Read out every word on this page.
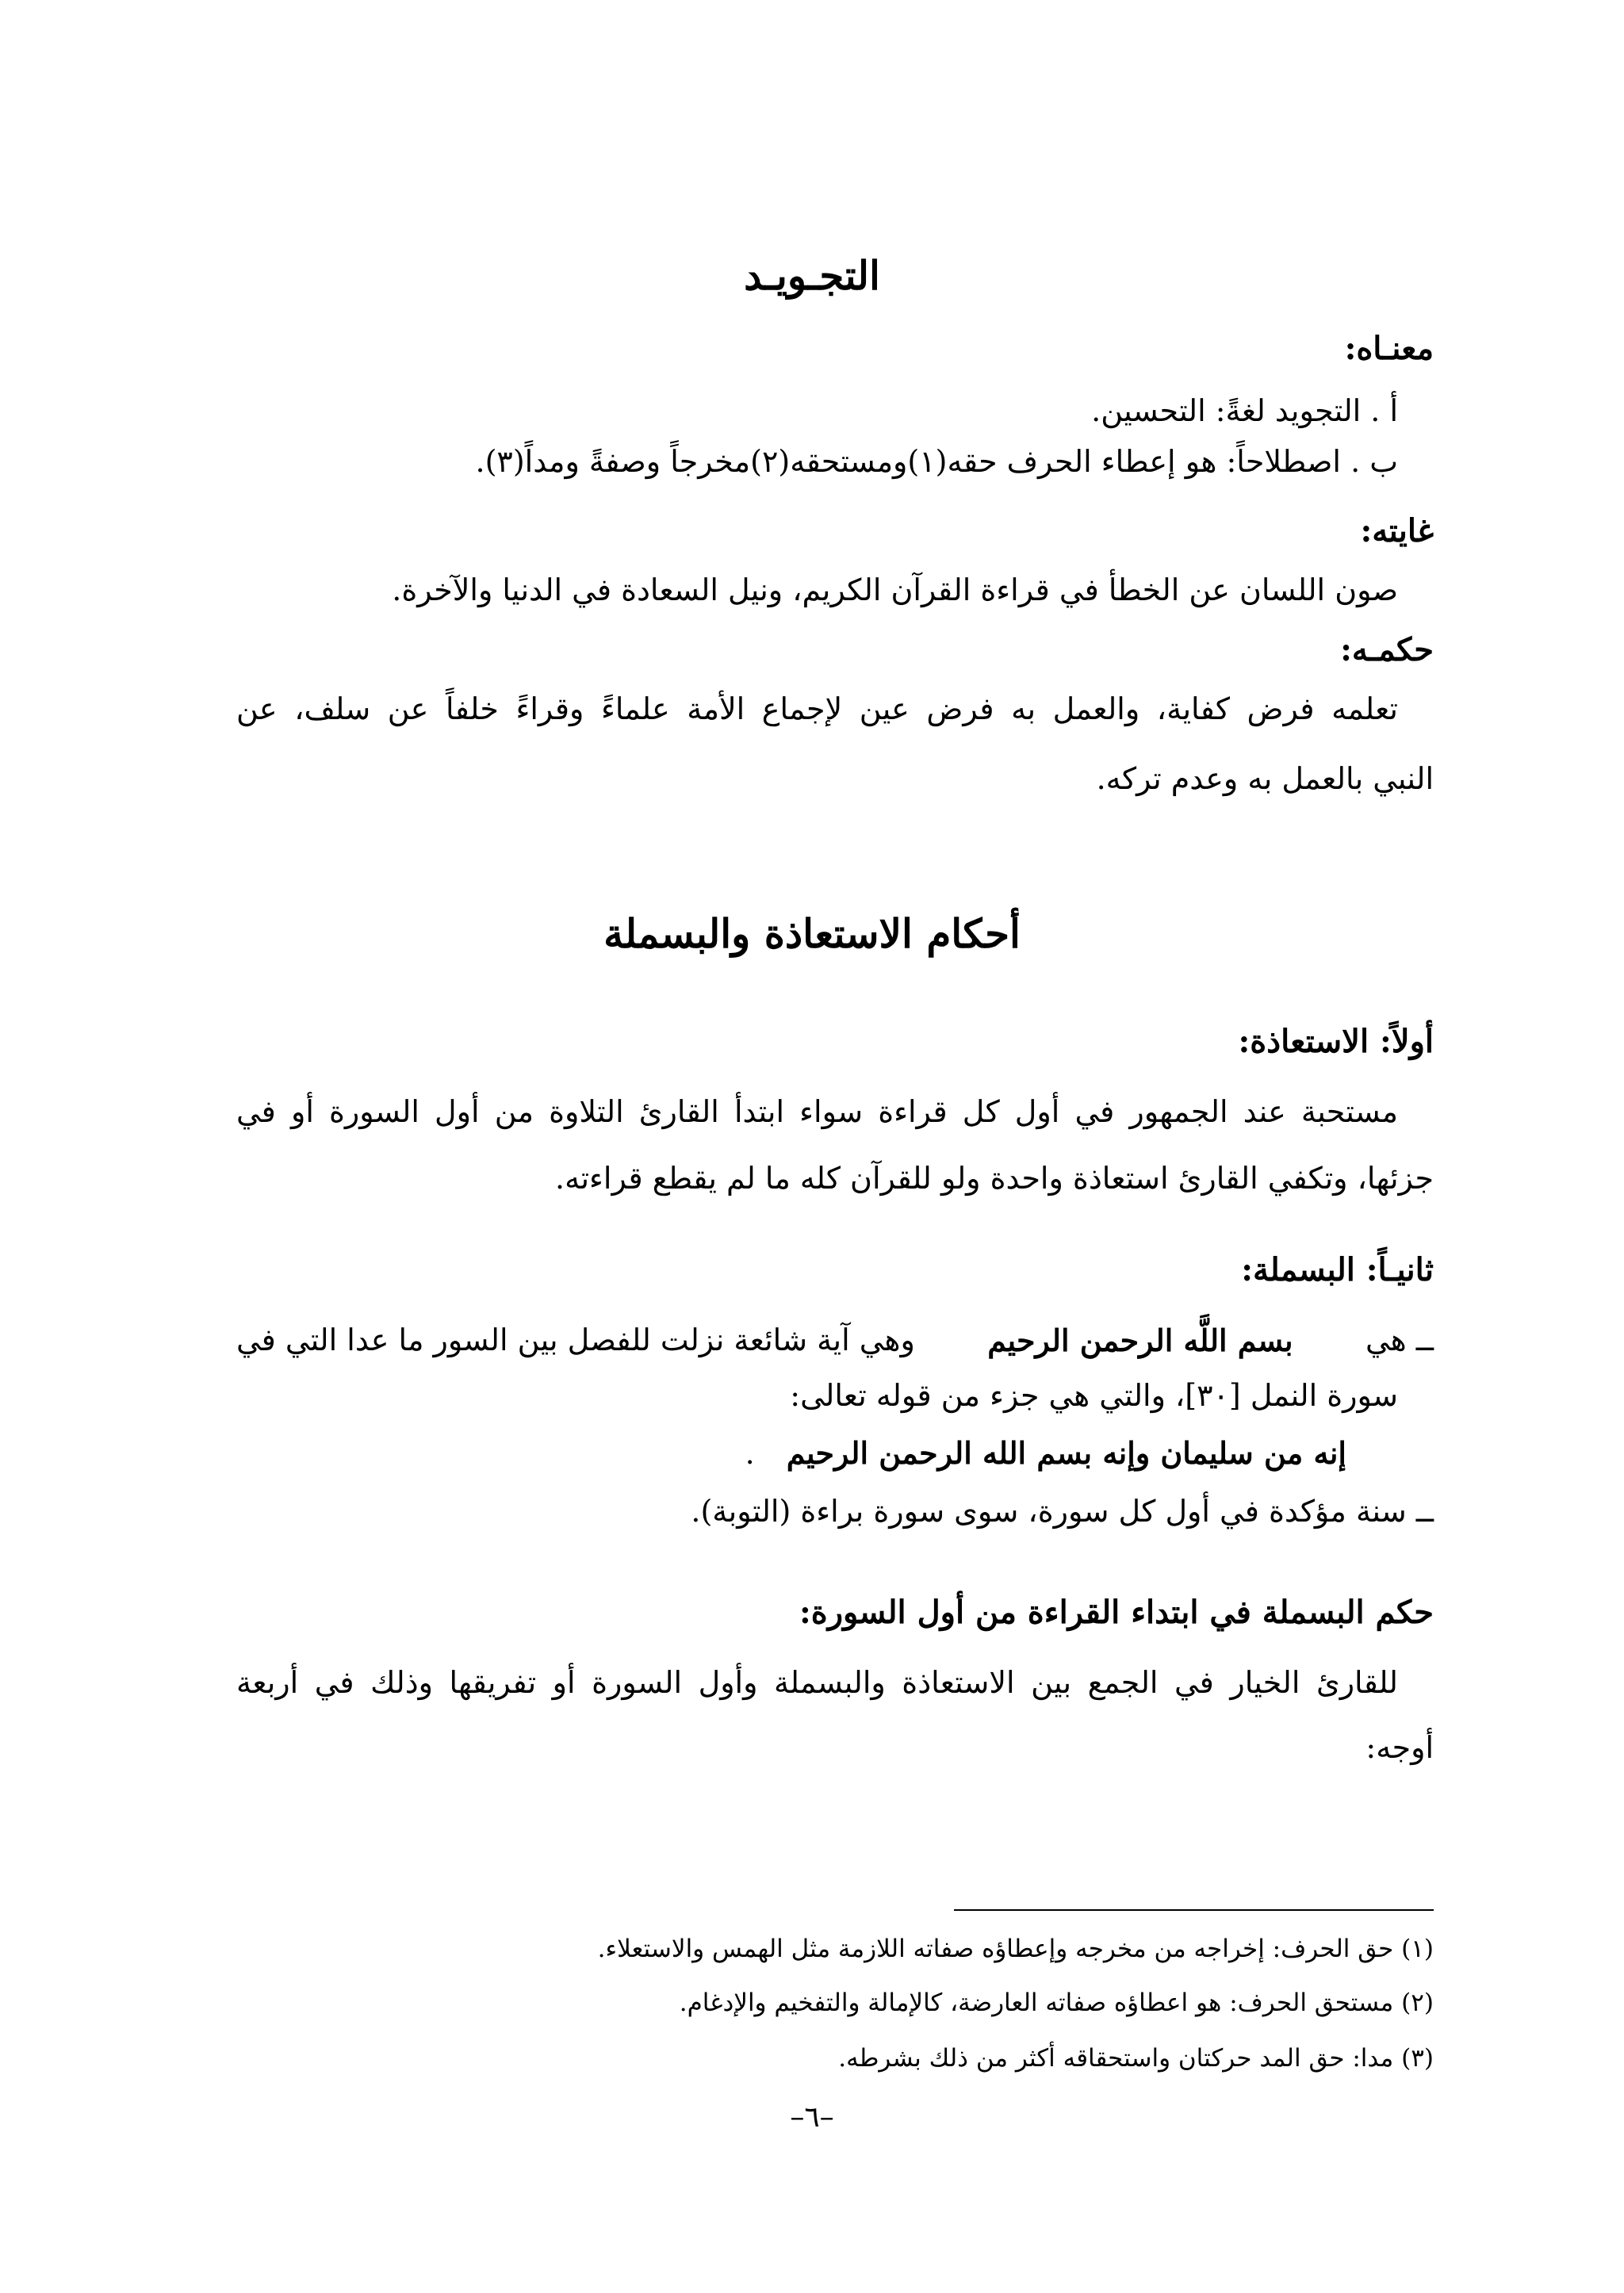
التجـويـد
معنـاه:
أ . التجويد لغةً: التحسين.
ب . اصطلاحاً: هو إعطاء الحرف حقه(١)ومستحقه(٢)مخرجاً وصفةً ومداً(٣).
غايته:
صون اللسان عن الخطأ في قراءة القرآن الكريم، ونيل السعادة في الدنيا والآخرة.
حكمـه:
تعلمه فرض كفاية، والعمل به فرض عين لإجماع الأمة علماءً وقراءً خلفاً عن سلف، عن
النبي بالعمل به وعدم تركه.
أحكام الاستعاذة والبسملة
أولاً: الاستعاذة:
مستحبة عند الجمهور في أول كل قراءة سواء ابتدأ القارئ التلاوة من أول السورة أو في
جزئها، وتكفي القارئ استعاذة واحدة ولو للقرآن كله ما لم يقطع قراءته.
ثانيـاً: البسملة:
ــ هي
بسم اللَّه الرحمن الرحيم
وهي آية شائعة نزلت للفصل بين السور ما عدا التي في
سورة النمل [٣٠]، والتي هي جزء من قوله تعالى:
إنه من سليمان وإنه بسم الله الرحمن الرحيم.
ــ سنة مؤكدة في أول كل سورة، سوى سورة براءة (التوبة).
حكم البسملة في ابتداء القراءة من أول السورة:
للقارئ الخيار في الجمع بين الاستعاذة والبسملة وأول السورة أو تفريقها وذلك في أربعة
أوجه:
(١) حق الحرف: إخراجه من مخرجه وإعطاؤه صفاته اللازمة مثل الهمس والاستعلاء.
(٢) مستحق الحرف: هو اعطاؤه صفاته العارضة، كالإمالة والتفخيم والإدغام.
(٣) مدا: حق المد حركتان واستحقاقه أكثر من ذلك بشرطه.
–٦–
